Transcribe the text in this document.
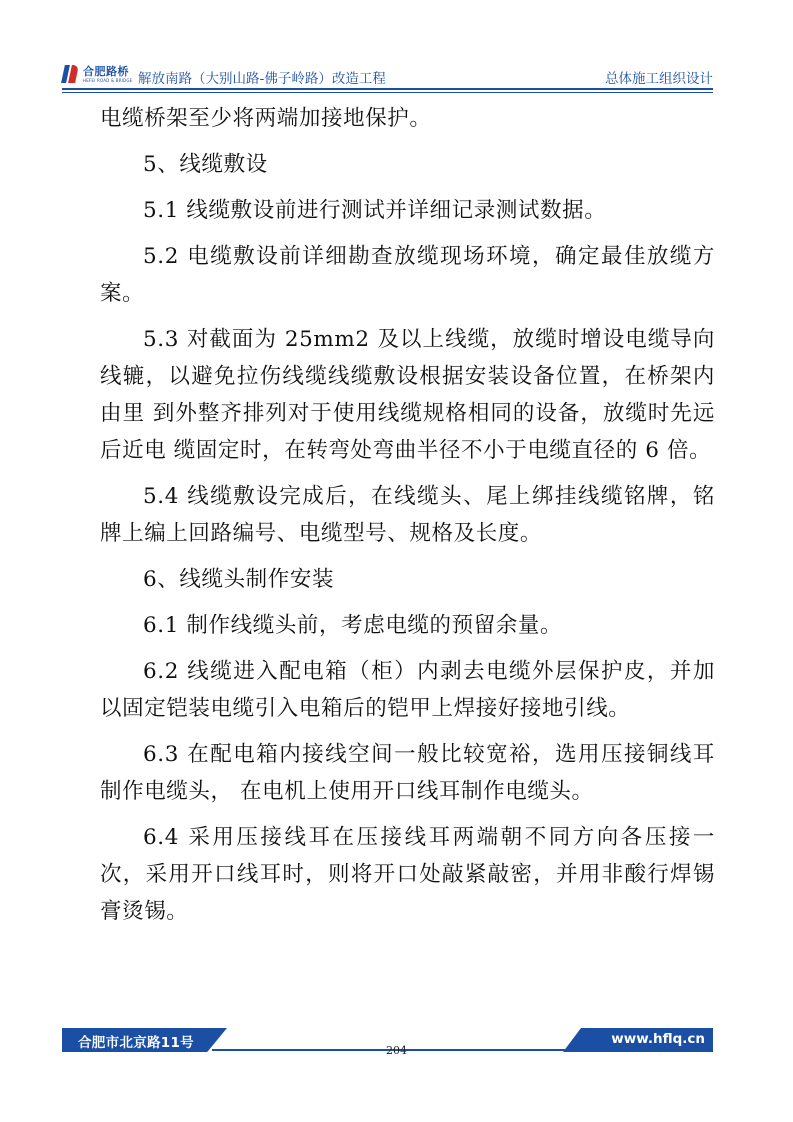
合肥路桥
HEFEI ROAD & BRIDGE 解放南路（大别山路-佛子岭路）改造工程	总体施工组织设计

电缆桥架至少将两端加接地保护。

5、线缆敷设

5.1 线缆敷设前进行测试并详细记录测试数据。

5.2 电缆敷设前详细勘查放缆现场环境，确定最佳放缆方案。

5.3 对截面为 25mm2 及以上线缆，放缆时增设电缆导向线辘，以避免拉伤线缆线缆敷设根据安装设备位置，在桥架内由里 到外整齐排列对于使用线缆规格相同的设备，放缆时先远后近电 缆固定时，在转弯处弯曲半径不小于电缆直径的 6 倍。

5.4 线缆敷设完成后，在线缆头、尾上绑挂线缆铭牌，铭牌上编上回路编号、电缆型号、规格及长度。

6、线缆头制作安装

6.1 制作线缆头前，考虑电缆的预留余量。

6.2 线缆进入配电箱（柜）内剥去电缆外层保护皮，并加以固定铠装电缆引入电箱后的铠甲上焊接好接地引线。

6.3 在配电箱内接线空间一般比较宽裕，选用压接铜线耳制作电缆头， 在电机上使用开口线耳制作电缆头。

6.4 采用压接线耳在压接线耳两端朝不同方向各压接一次，采用开口线耳时，则将开口处敲紧敲密，并用非酸行焊锡膏烫锡。

合肥市北京路11号	www.hflq.cn
204
